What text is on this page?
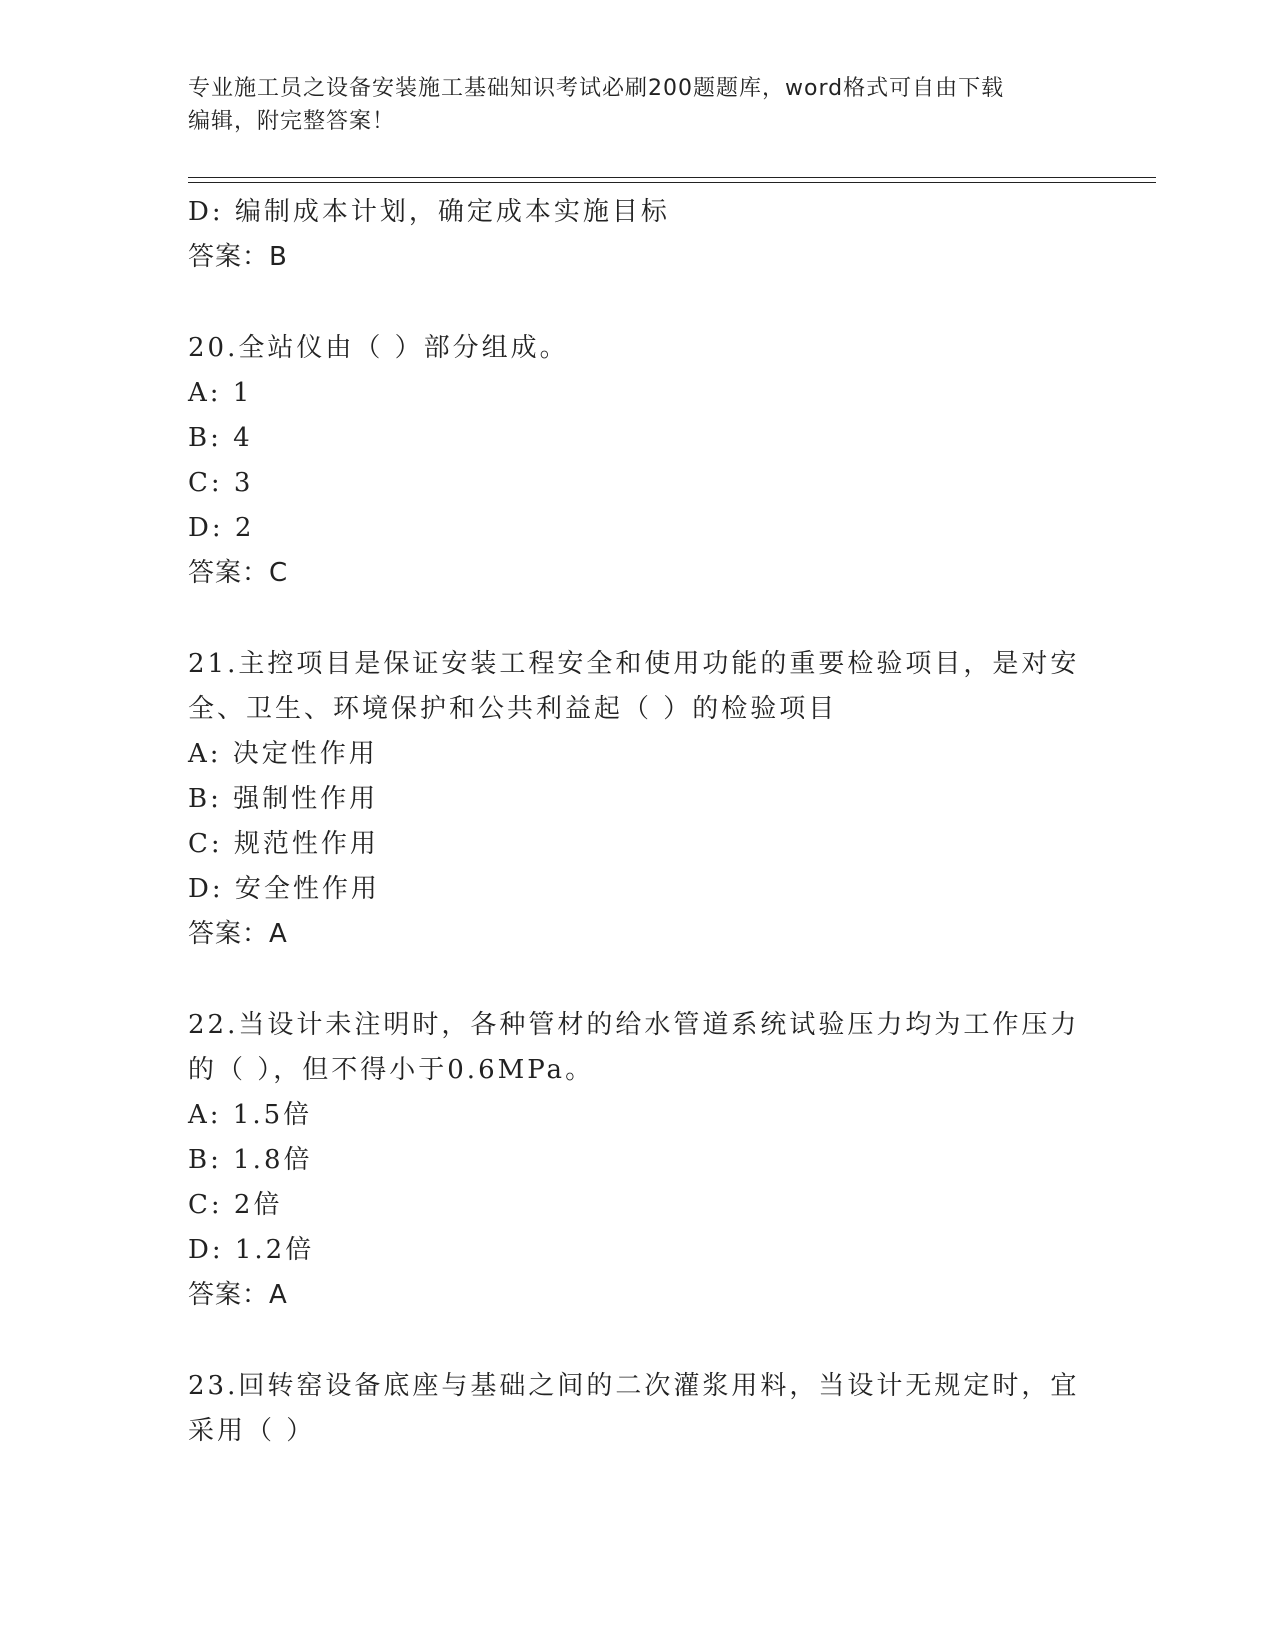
专业施工员之设备安装施工基础知识考试必刷200题题库，word格式可自由下载
编辑，附完整答案！
D: 编制成本计划，确定成本实施目标
答案：B
20.全站仪由（ ）部分组成。
A: 1
B: 4
C: 3
D: 2
答案：C
21.主控项目是保证安装工程安全和使用功能的重要检验项目，是对安
全、卫生、环境保护和公共利益起（ ）的检验项目
A: 决定性作用
B: 强制性作用
C: 规范性作用
D: 安全性作用
答案：A
22.当设计未注明时，各种管材的给水管道系统试验压力均为工作压力
的（ ），但不得小于0.6MPa。
A: 1.5倍
B: 1.8倍
C: 2倍
D: 1.2倍
答案：A
23.回转窑设备底座与基础之间的二次灌浆用料，当设计无规定时，宜
采用（ ）
